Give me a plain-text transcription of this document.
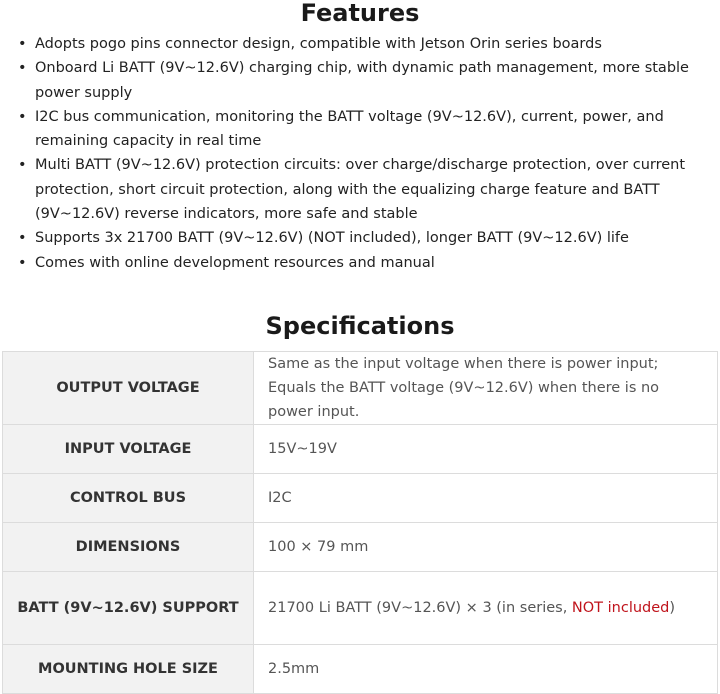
Features
• Adopts pogo pins connector design, compatible with Jetson Orin series boards
• Onboard Li BATT (9V~12.6V) charging chip, with dynamic path management, more stable power supply
• I2C bus communication, monitoring the BATT voltage (9V~12.6V), current, power, and remaining capacity in real time
• Multi BATT (9V~12.6V) protection circuits: over charge/discharge protection, over current protection, short circuit protection, along with the equalizing charge feature and BATT (9V~12.6V) reverse indicators, more safe and stable
• Supports 3x 21700 BATT (9V~12.6V) (NOT included), longer BATT (9V~12.6V) life
• Comes with online development resources and manual
Specifications
OUTPUT VOLTAGE	Same as the input voltage when there is power input; Equals the BATT voltage (9V~12.6V) when there is no power input.
INPUT VOLTAGE	15V~19V
CONTROL BUS	I2C
DIMENSIONS	100 × 79 mm
BATT (9V~12.6V) SUPPORT	21700 Li BATT (9V~12.6V) × 3 (in series, NOT included)
MOUNTING HOLE SIZE	2.5mm
